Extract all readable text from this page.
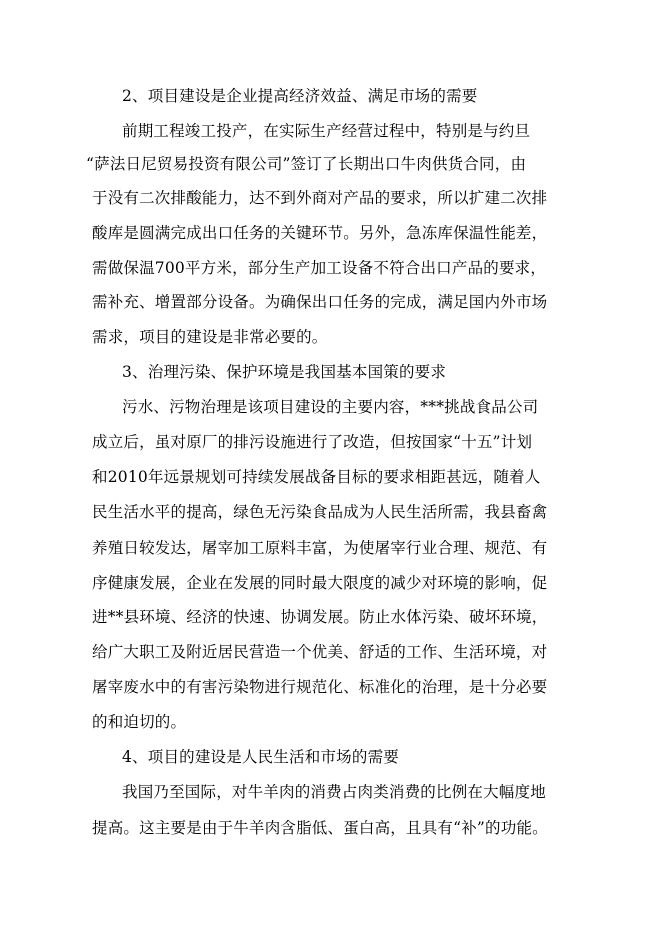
2、项目建设是企业提高经济效益、满足市场的需要
前期工程竣工投产，在实际生产经营过程中，特别是与约旦
“萨法日尼贸易投资有限公司”签订了长期出口牛肉供货合同，由
于没有二次排酸能力，达不到外商对产品的要求，所以扩建二次排
酸库是圆满完成出口任务的关键环节。另外，急冻库保温性能差，
需做保温700平方米，部分生产加工设备不符合出口产品的要求，
需补充、增置部分设备。为确保出口任务的完成，满足国内外市场
需求，项目的建设是非常必要的。
3、治理污染、保护环境是我国基本国策的要求
污水、污物治理是该项目建设的主要内容，***挑战食品公司
成立后，虽对原厂的排污设施进行了改造，但按国家“十五”计划
和2010年远景规划可持续发展战备目标的要求相距甚远，随着人
民生活水平的提高，绿色无污染食品成为人民生活所需，我县畜禽
养殖日较发达，屠宰加工原料丰富，为使屠宰行业合理、规范、有
序健康发展，企业在发展的同时最大限度的减少对环境的影响，促
进**县环境、经济的快速、协调发展。防止水体污染、破坏环境，
给广大职工及附近居民营造一个优美、舒适的工作、生活环境，对
屠宰废水中的有害污染物进行规范化、标准化的治理，是十分必要
的和迫切的。
4、项目的建设是人民生活和市场的需要
我国乃至国际，对牛羊肉的消费占肉类消费的比例在大幅度地
提高。这主要是由于牛羊肉含脂低、蛋白高，且具有“补”的功能。
